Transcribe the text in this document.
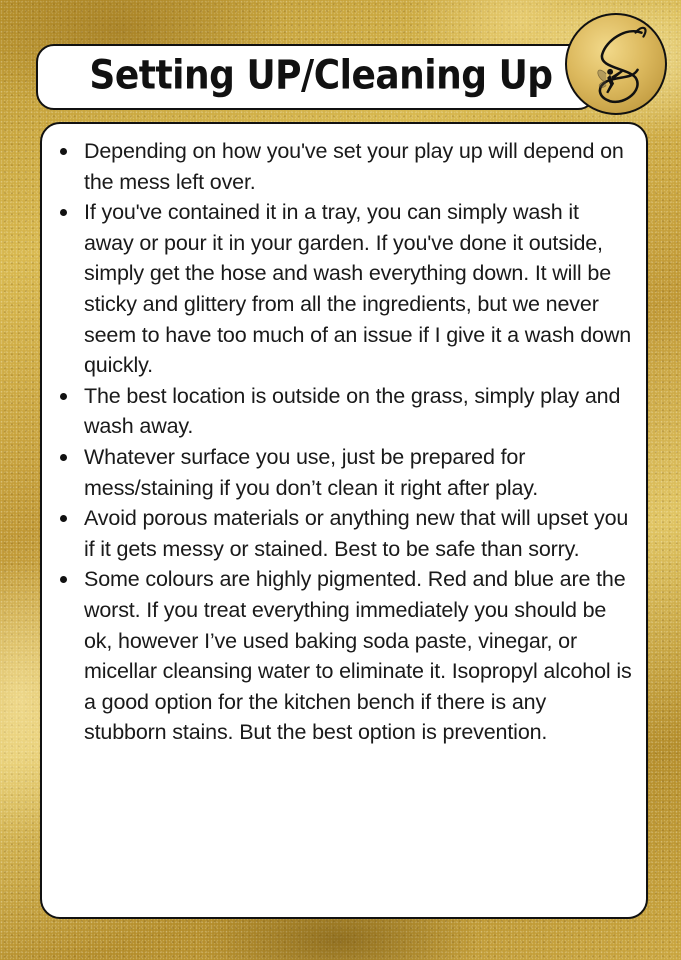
Setting UP/Cleaning Up
Depending on how you've set your play up will depend on the mess left over.
If you've contained it in a tray, you can simply wash it away or pour it in your garden. If you've done it outside, simply get the hose and wash everything down. It will be sticky and glittery from all the ingredients, but we never seem to have too much of an issue if I give it a wash down quickly.
The best location is outside on the grass, simply play and wash away.
Whatever surface you use, just be prepared for mess/staining if you don’t clean it right after play.
Avoid porous materials or anything new that will upset you if it gets messy or stained. Best to be safe than sorry.
Some colours are highly pigmented. Red and blue are the worst. If you treat everything immediately you should be ok, however I’ve used baking soda paste, vinegar, or micellar cleansing water to eliminate it. Isopropyl alcohol is a good option for the kitchen bench if there is any stubborn stains. But the best option is prevention.
